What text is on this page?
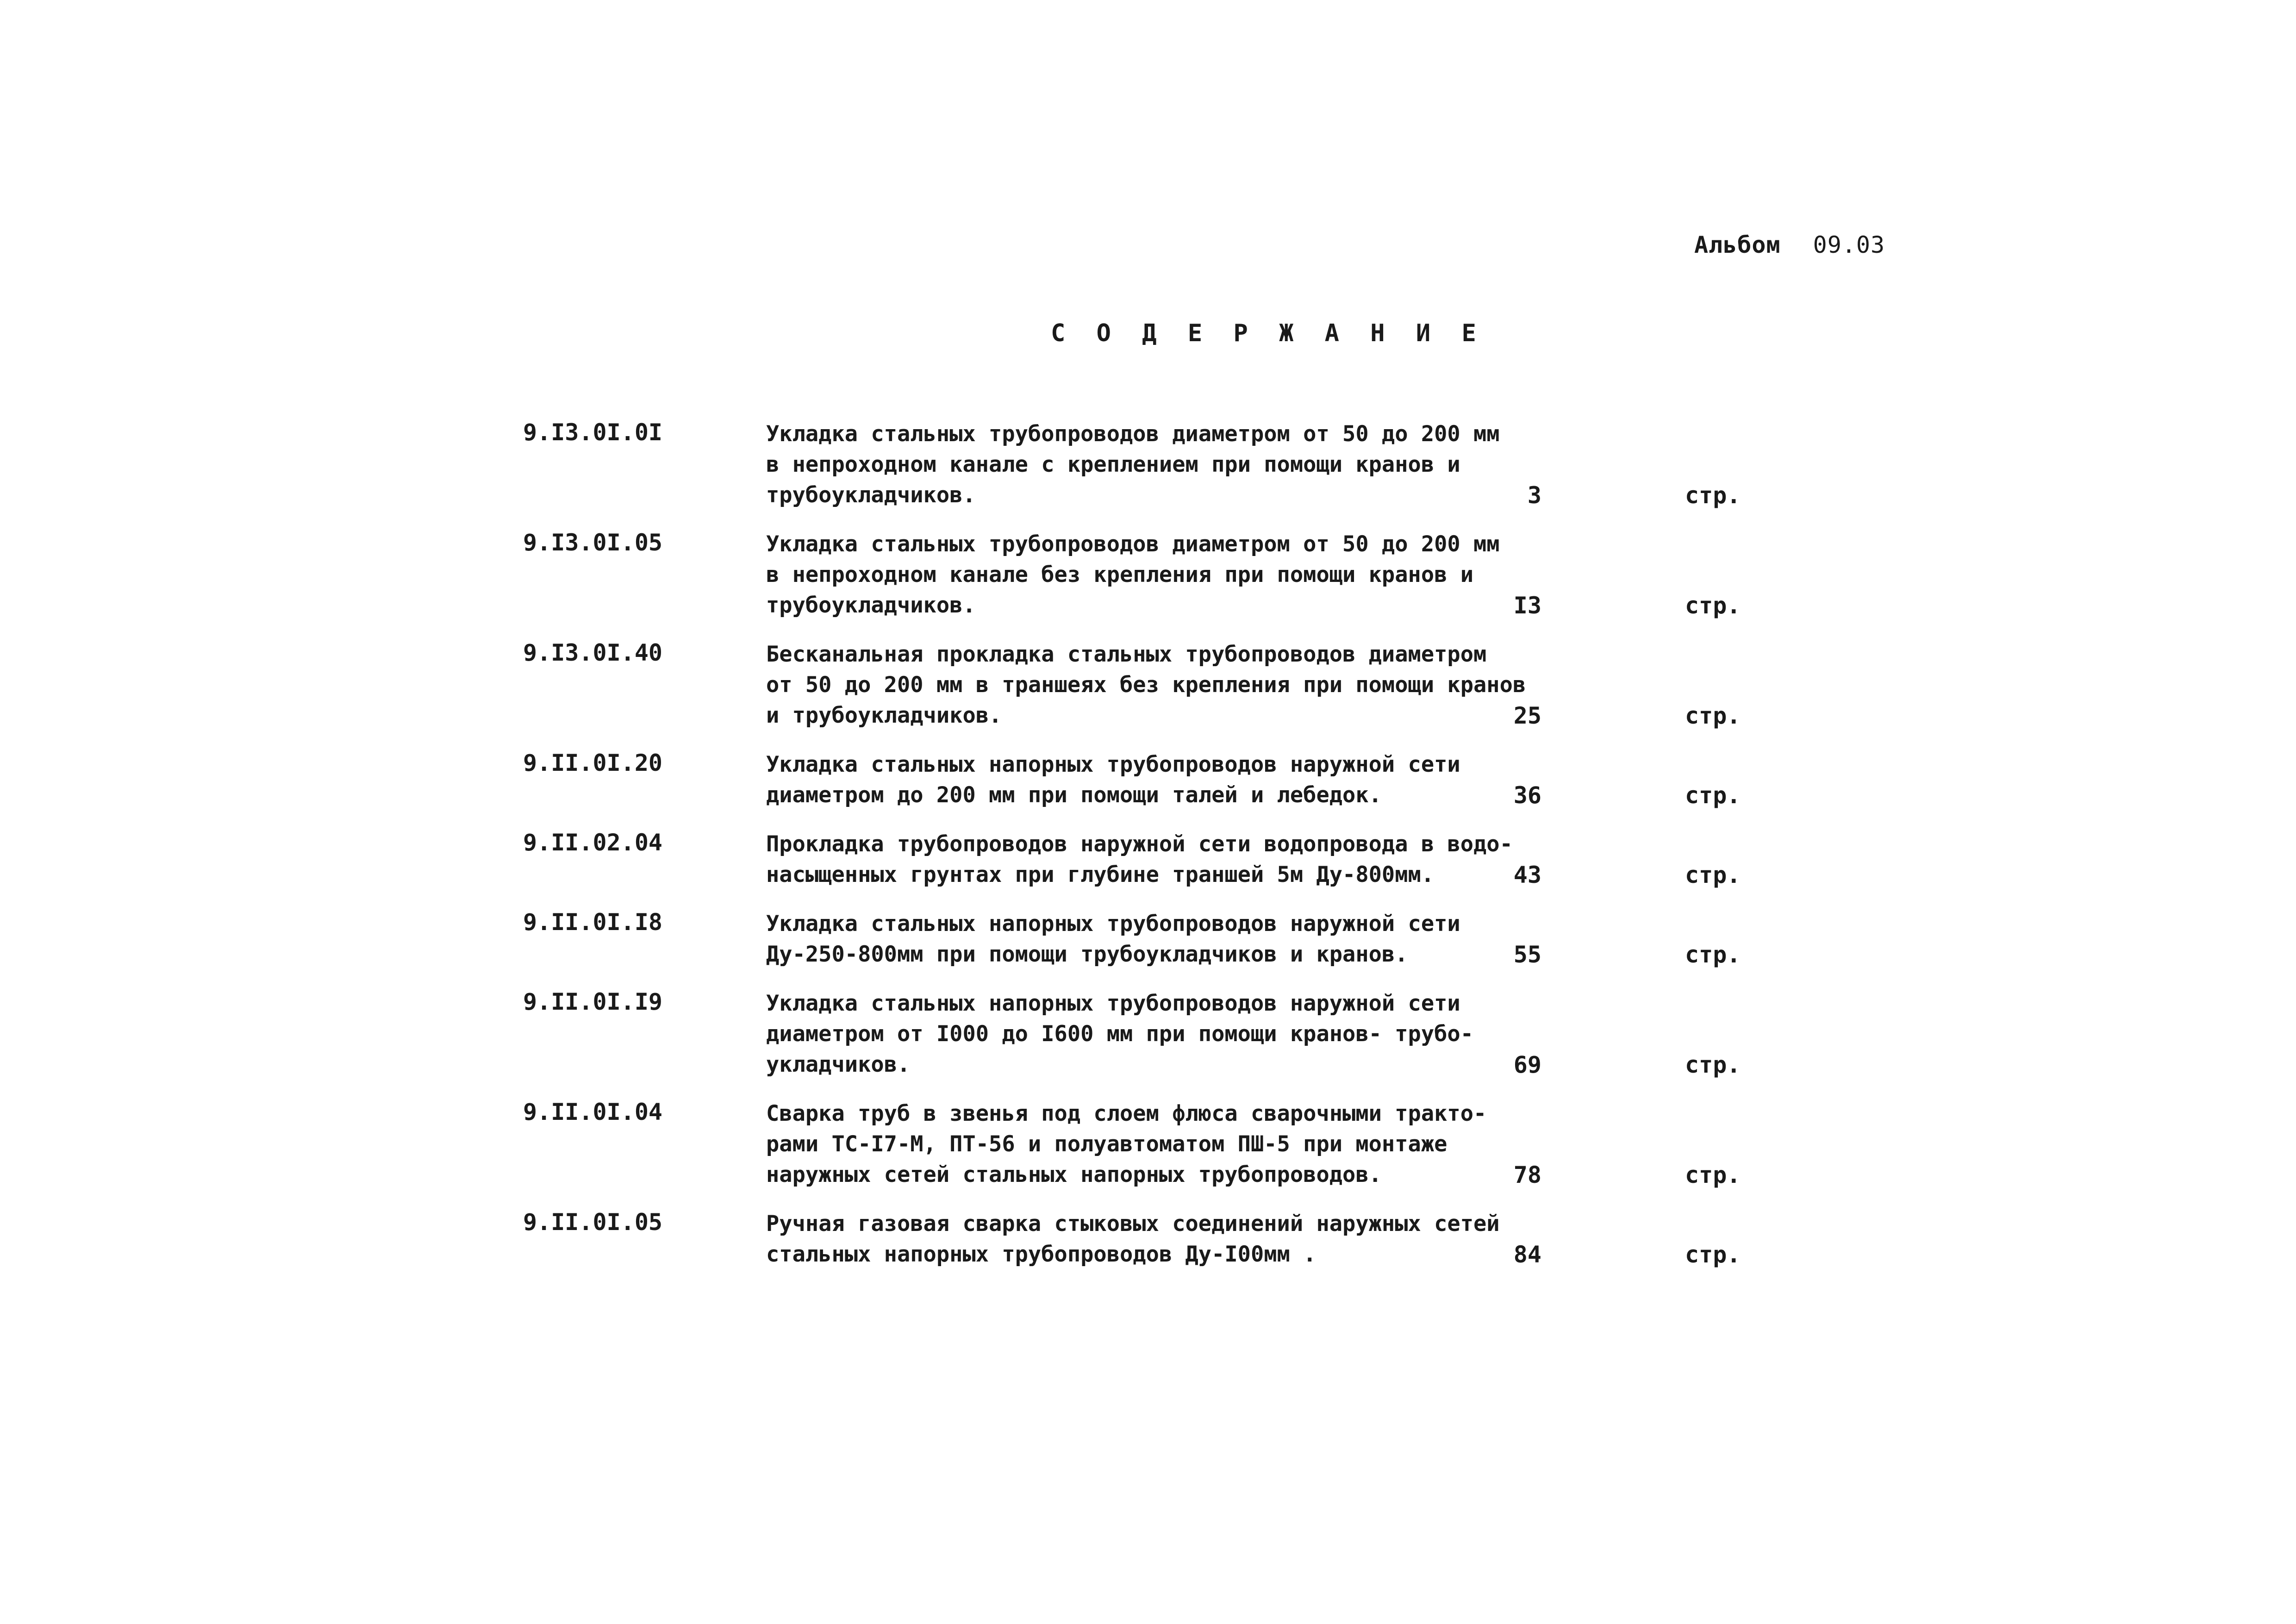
Альбом 09.03
С О Д Е Р Ж А Н И Е
9.I3.0I.0I	Укладка стальных трубопроводов диаметром от 50 до 200 мм
в непроходном канале с креплением при помощи кранов и
трубоукладчиков.	3	стр.
9.I3.0I.05	Укладка стальных трубопроводов диаметром от 50 до 200 мм
в непроходном канале без крепления при помощи кранов и
трубоукладчиков.	I3	стр.
9.I3.0I.40	Бесканальная прокладка стальных трубопроводов диаметром
от 50 до 200 мм в траншеях без крепления при помощи кранов
и трубоукладчиков.	25	стр.
9.II.0I.20	Укладка стальных напорных трубопроводов наружной сети
диаметром до 200 мм при помощи талей и лебедок.	36	стр.
9.II.02.04	Прокладка трубопроводов наружной сети водопровода в водо-
насыщенных грунтах при глубине траншей 5м Ду-800мм.	43	стр.
9.II.0I.I8	Укладка стальных напорных трубопроводов наружной сети
Ду-250-800мм при помощи трубоукладчиков и кранов.	55	стр.
9.II.0I.I9	Укладка стальных напорных трубопроводов наружной сети
диаметром от I000 до I600 мм при помощи кранов- трубо-
укладчиков.	69	стр.
9.II.0I.04	Сварка труб в звенья под слоем флюса сварочными тракто-
рами ТС-I7-М, ПТ-56 и полуавтоматом ПШ-5 при монтаже
наружных сетей стальных напорных трубопроводов.	78	стр.
9.II.0I.05	Ручная газовая сварка стыковых соединений наружных сетей
стальных напорных трубопроводов Ду-I00мм .	84	стр.
